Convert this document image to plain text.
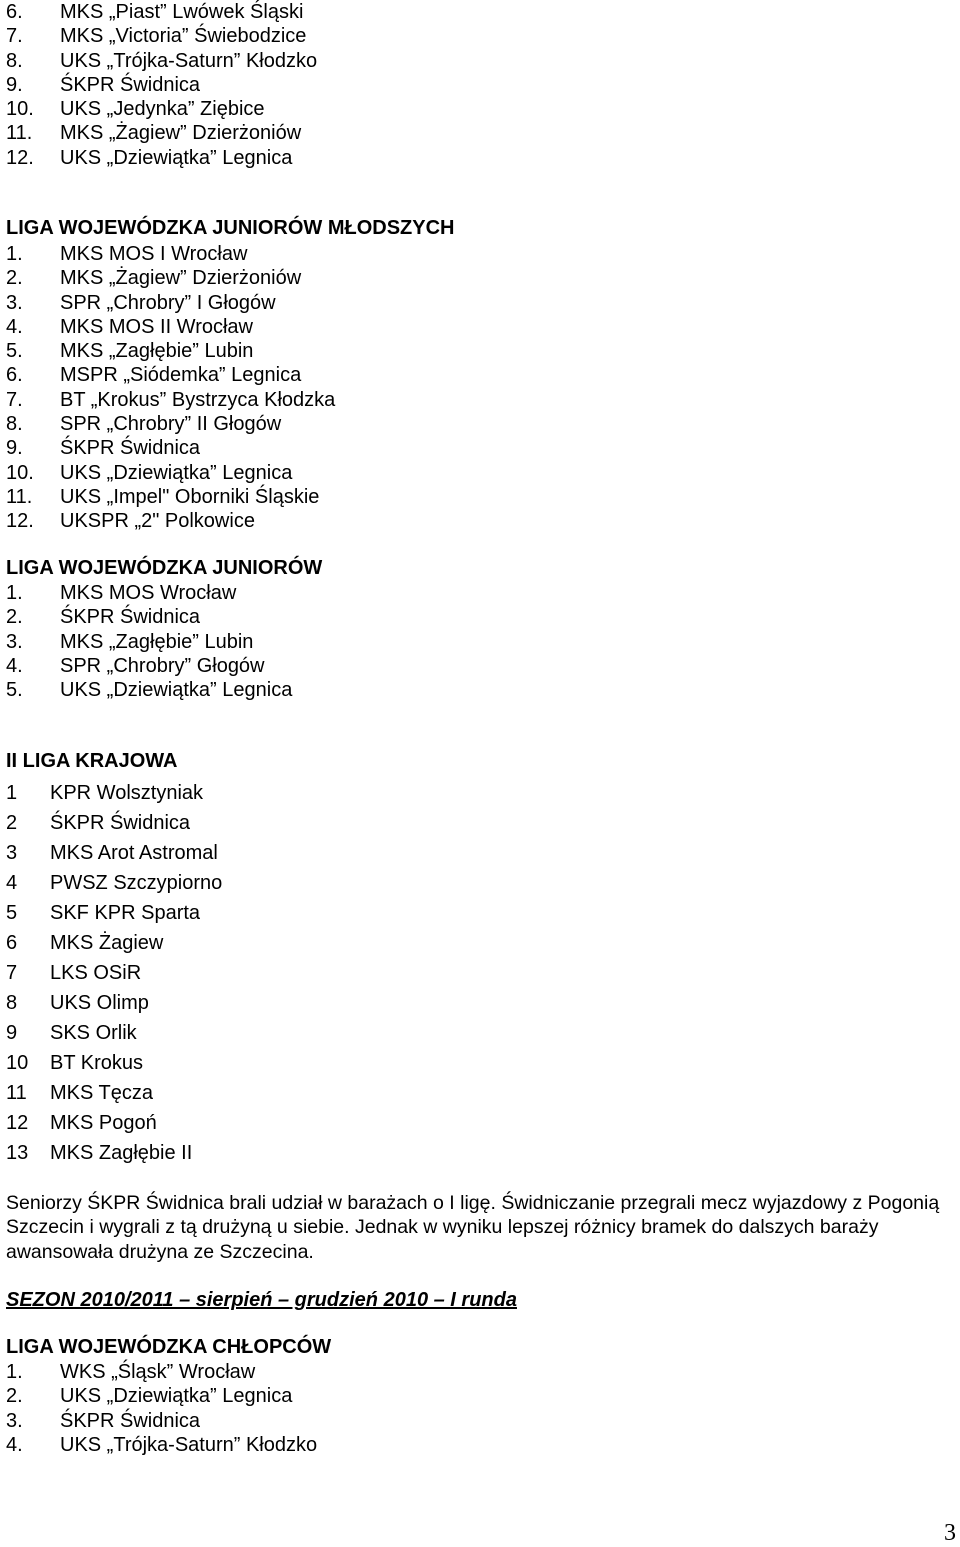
6.	MKS „Piast” Lwówek Śląski
7.	MKS „Victoria” Świebodzice
8.	UKS „Trójka-Saturn” Kłodzko
9.	ŚKPR Świdnica
10.	UKS „Jedynka” Ziębice
11.	MKS „Żagiew” Dzierżoniów
12.	UKS „Dziewiątka” Legnica
LIGA WOJEWÓDZKA JUNIORÓW MŁODSZYCH
1.	MKS MOS I Wrocław
2.	MKS „Żagiew” Dzierżoniów
3.	SPR „Chrobry” I Głogów
4.	MKS MOS II Wrocław
5.	MKS „Zagłębie” Lubin
6.	MSPR „Siódemka” Legnica
7.	BT „Krokus” Bystrzyca Kłodzka
8.	SPR „Chrobry” II Głogów
9.	ŚKPR Świdnica
10.	UKS „Dziewiątka” Legnica
11.	UKS „Impel" Oborniki Śląskie
12.	UKSPR „2" Polkowice
LIGA WOJEWÓDZKA JUNIORÓW
1.	MKS MOS Wrocław
2.	ŚKPR Świdnica
3.	MKS „Zagłębie” Lubin
4.	SPR „Chrobry” Głogów
5.	UKS „Dziewiątka” Legnica
II LIGA KRAJOWA
1	KPR Wolsztyniak
2	ŚKPR Świdnica
3	MKS Arot Astromal
4	PWSZ Szczypiorno
5	SKF KPR Sparta
6	MKS Żagiew
7	LKS OSiR
8	UKS Olimp
9	SKS Orlik
10	BT Krokus
11	MKS Tęcza
12	MKS Pogoń
13	MKS Zagłębie II

Seniorzy ŚKPR Świdnica brali udział w barażach o I ligę. Świdniczanie przegrali mecz wyjazdowy z Pogonią Szczecin i wygrali z tą drużyną u siebie. Jednak w wyniku lepszej różnicy bramek do dalszych baraży awansowała drużyna ze Szczecina.

SEZON 2010/2011 – sierpień – grudzień 2010 – I runda
LIGA WOJEWÓDZKA CHŁOPCÓW
1.	WKS „Śląsk” Wrocław
2.	UKS „Dziewiątka” Legnica
3.	ŚKPR Świdnica
4.	UKS „Trójka-Saturn” Kłodzko
3
